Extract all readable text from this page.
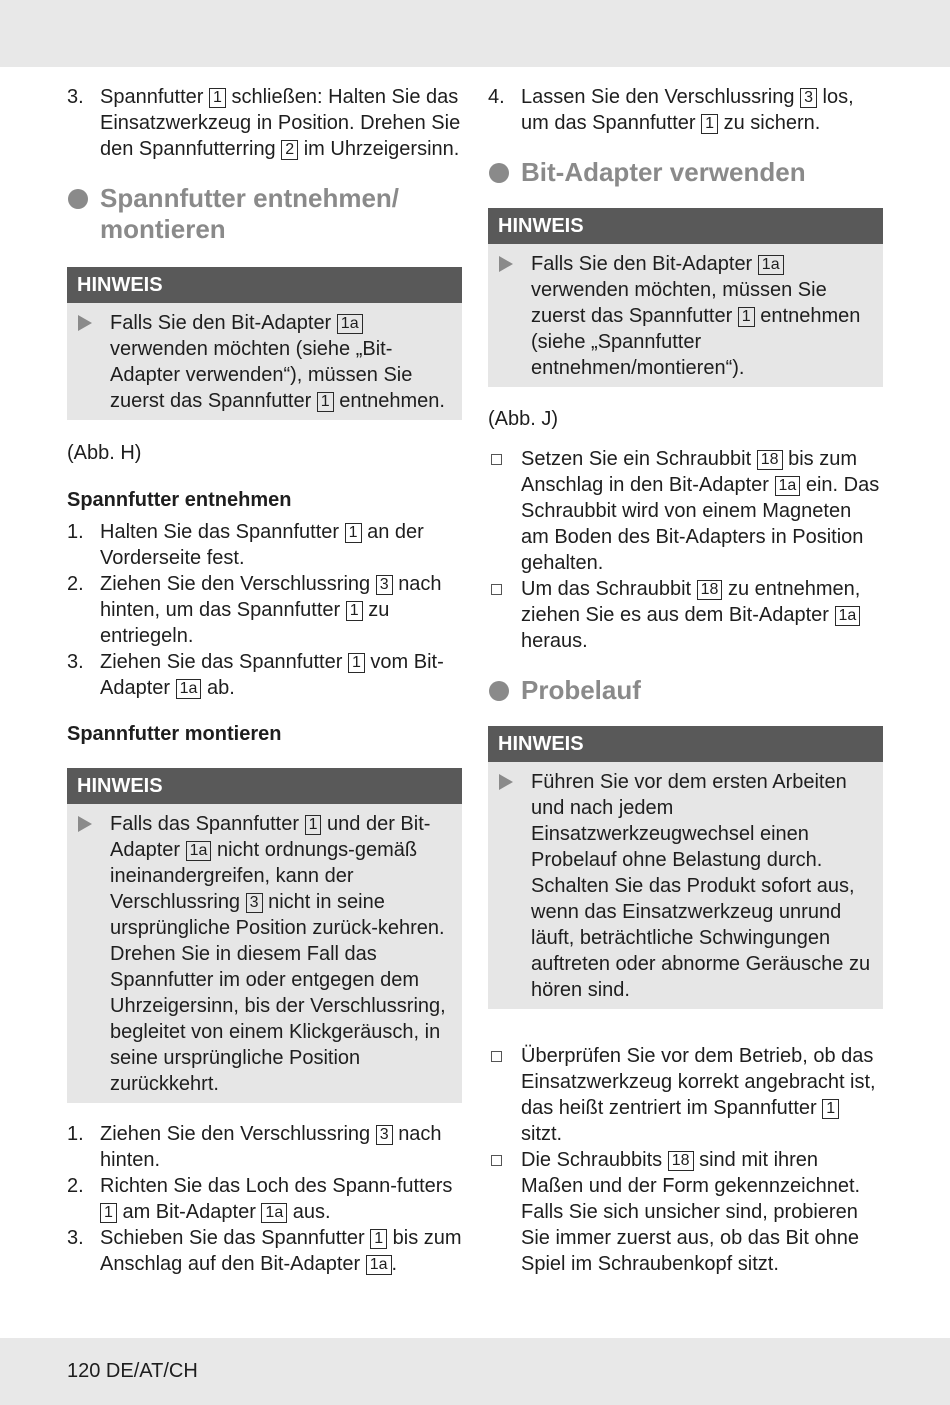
3. Spannfutter 1 schließen: Halten Sie das Einsatzwerkzeug in Position. Drehen Sie den Spannfutterring 2 im Uhrzeigersinn.
Spannfutter entnehmen/
montieren
HINWEIS
Falls Sie den Bit-Adapter 1a verwenden möchten (siehe „Bit-Adapter verwenden“), müssen Sie zuerst das Spannfutter 1 entnehmen.
(Abb. H)
Spannfutter entnehmen
1. Halten Sie das Spannfutter 1 an der Vorderseite fest.
2. Ziehen Sie den Verschlussring 3 nach hinten, um das Spannfutter 1 zu entriegeln.
3. Ziehen Sie das Spannfutter 1 vom Bit-Adapter 1a ab.
Spannfutter montieren
HINWEIS
Falls das Spannfutter 1 und der Bit-Adapter 1a nicht ordnungs-gemäß ineinandergreifen, kann der Verschlussring 3 nicht in seine ursprüngliche Position zurück-kehren. Drehen Sie in diesem Fall das Spannfutter im oder entgegen dem Uhrzeigersinn, bis der Verschlussring, begleitet von einem Klickgeräusch, in seine ursprüngliche Position zurückkehrt.
1. Ziehen Sie den Verschlussring 3 nach hinten.
2. Richten Sie das Loch des Spann-futters 1 am Bit-Adapter 1a aus.
3. Schieben Sie das Spannfutter 1 bis zum Anschlag auf den Bit-Adapter 1a .
4. Lassen Sie den Verschlussring 3 los, um das Spannfutter 1 zu sichern.
Bit-Adapter verwenden
HINWEIS
Falls Sie den Bit-Adapter 1a verwenden möchten, müssen Sie zuerst das Spannfutter 1 entnehmen (siehe „Spannfutter entnehmen/montieren“).
(Abb. J)
Setzen Sie ein Schraubbit 18 bis zum Anschlag in den Bit-Adapter 1a ein. Das Schraubbit wird von einem Magneten am Boden des Bit-Adapters in Position gehalten.
Um das Schraubbit 18 zu entnehmen, ziehen Sie es aus dem Bit-Adapter 1a heraus.
Probelauf
HINWEIS
Führen Sie vor dem ersten Arbeiten und nach jedem Einsatzwerkzeugwechsel einen Probelauf ohne Belastung durch. Schalten Sie das Produkt sofort aus, wenn das Einsatzwerkzeug unrund läuft, beträchtliche Schwingungen auftreten oder abnorme Geräusche zu hören sind.
Überprüfen Sie vor dem Betrieb, ob das Einsatzwerkzeug korrekt angebracht ist, das heißt zentriert im Spannfutter 1 sitzt.
Die Schraubbits 18 sind mit ihren Maßen und der Form gekennzeichnet. Falls Sie sich unsicher sind, probieren Sie immer zuerst aus, ob das Bit ohne Spiel im Schraubenkopf sitzt.
120 DE/AT/CH
